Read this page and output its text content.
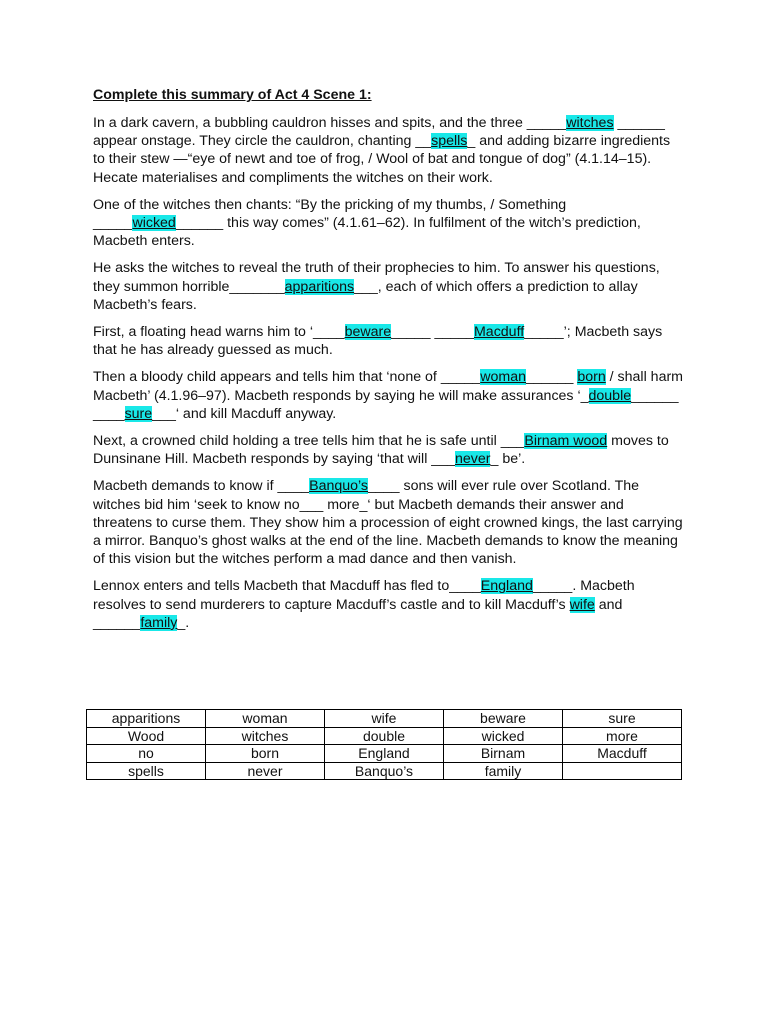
Complete this summary of Act 4 Scene 1:

In a dark cavern, a bubbling cauldron hisses and spits, and the three _____witches ______ appear onstage. They circle the cauldron, chanting __spells_ and adding bizarre ingredients to their stew —“eye of newt and toe of frog, / Wool of bat and tongue of dog” (4.1.14–15). Hecate materialises and compliments the witches on their work.

One of the witches then chants: “By the pricking of my thumbs, / Something _____wicked______ this way comes” (4.1.61–62). In fulfilment of the witch’s prediction, Macbeth enters.

He asks the witches to reveal the truth of their prophecies to him. To answer his questions, they summon horrible_______apparitions___, each of which offers a prediction to allay Macbeth’s fears.

First, a floating head warns him to ‘____beware_____ _____Macduff_____’; Macbeth says that he has already guessed as much.

Then a bloody child appears and tells him that ‘none of _____woman______ born / shall harm Macbeth’ (4.1.96–97). Macbeth responds by saying he will make assurances ‘_double______ ____sure___‘ and kill Macduff anyway.

Next, a crowned child holding a tree tells him that he is safe until ___Birnam wood moves to Dunsinane Hill. Macbeth responds by saying ‘that will ___never_ be’.

Macbeth demands to know if ____Banquo’s____ sons will ever rule over Scotland. The witches bid him ‘seek to know no___ more_‘ but Macbeth demands their answer and threatens to curse them. They show him a procession of eight crowned kings, the last carrying a mirror. Banquo’s ghost walks at the end of the line. Macbeth demands to know the meaning of this vision but the witches perform a mad dance and then vanish.

Lennox enters and tells Macbeth that Macduff has fled to____England_____. Macbeth resolves to send murderers to capture Macduff’s castle and to kill Macduff’s wife and ______family_.

apparitions	woman	wife	beware	sure
Wood	witches	double	wicked	more
no	born	England	Birnam	Macduff
spells	never	Banquo’s	family	
